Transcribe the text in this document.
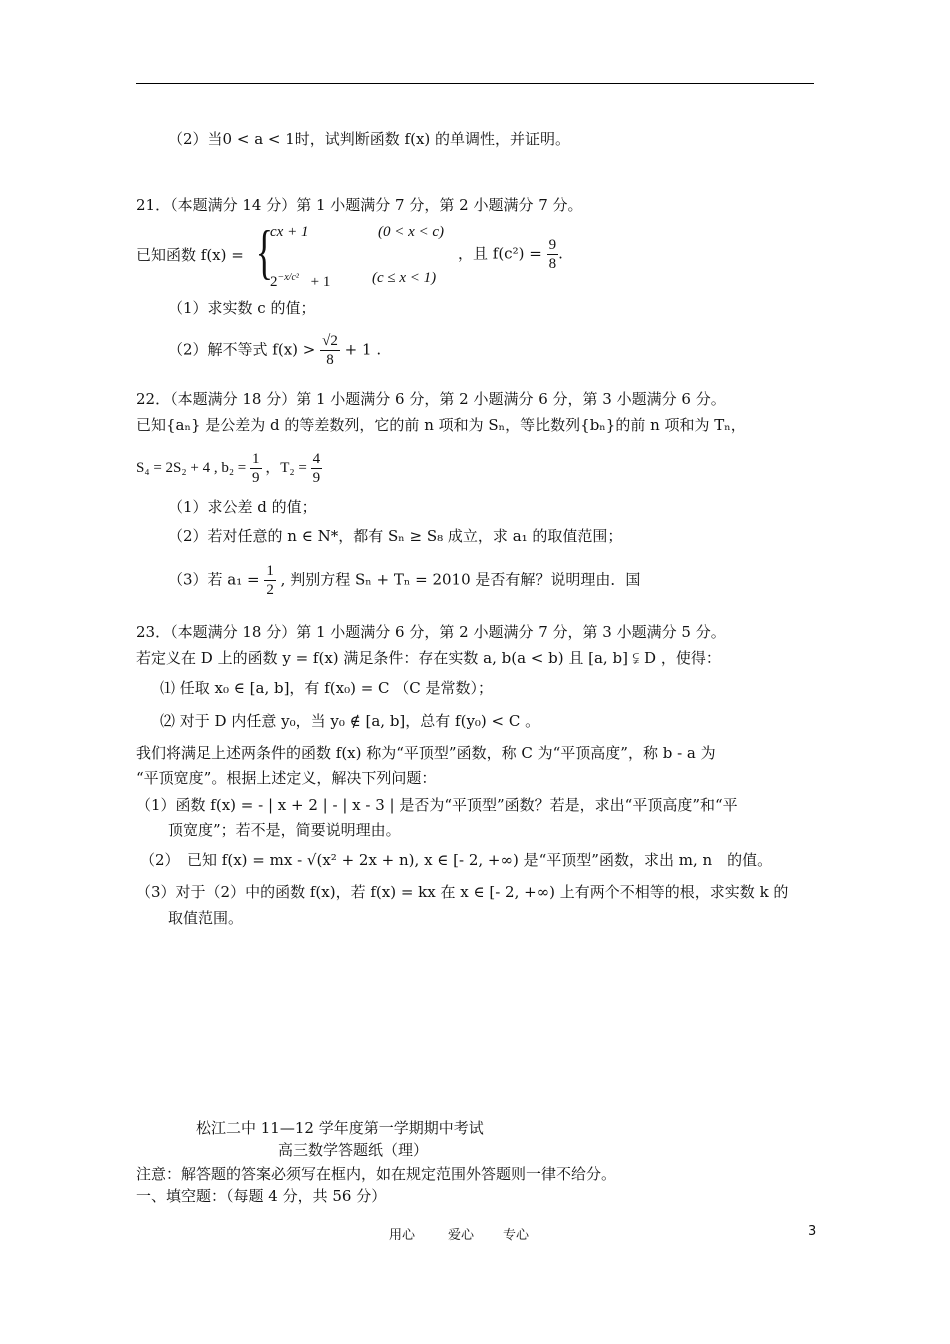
（2）当0 < a < 1时，试判断函数 f(x) 的单调性，并证明。
21．（本题满分 14 分）第 1 小题满分 7 分，第 2 小题满分 7 分。
已知函数 f(x) = {
cx + 1	(0 < x < c)
$2^{-x/c^2} + 1$	(c ≤ x < 1)
，且 $f(c^2) = \frac{9}{8}$ .
（1）求实数 c 的值；
（2）解不等式 $f(x) > \frac{√2}{8} + 1$ .
22．（本题满分 18 分）第 1 小题满分 6 分，第 2 小题满分 6 分，第 3 小题满分 6 分。
已知{aₙ} 是公差为 d 的等差数列，它的前 n 项和为 Sₙ，等比数列{bₙ}的前 n 项和为 Tₙ，
S₄ = 2S₂ + 4 , $b_2 = \frac{1}{9}$ ，$T_2 = \frac{4}{9}$
（1）求公差 d 的值；
（2）若对任意的 n ∈ N*，都有 Sₙ ≥ S₈ 成立，求 a₁ 的取值范围；
（3）若 $a_1 = \frac{1}{2}$ , 判别方程 Sₙ + Tₙ = 2010 是否有解？说明理由．国
23．（本题满分 18 分）第 1 小题满分 6 分，第 2 小题满分 7 分，第 3 小题满分 5 分。
若定义在 D 上的函数 y = f(x) 满足条件：存在实数 a, b(a < b) 且 [a, b] ⫋ D ，使得：
⑴ 任取 x₀ ∈ [a, b]，有 f(x₀) = C （C 是常数）；
⑵ 对于 D 内任意 y₀，当 y₀ ∉ [a, b]，总有 f(y₀) < C 。
我们将满足上述两条件的函数 f(x) 称为“平顶型”函数，称 C 为“平顶高度”，称 b - a 为
“平顶宽度”。根据上述定义，解决下列问题：
（1）函数 f(x) = - | x + 2 | - | x - 3 | 是否为“平顶型”函数？若是，求出“平顶高度”和“平
顶宽度”；若不是，简要说明理由。
（2）　已知 f(x) = mx - √(x² + 2x + n), x ∈ [- 2, +∞) 是“平顶型”函数，求出 m, n　的值。
（3）对于（2）中的函数 f(x)，若 f(x) = kx 在 x ∈ [- 2, +∞) 上有两个不相等的根，求实数 k 的
取值范围。
松江二中 11—12 学年度第一学期期中考试
高三数学答题纸（理）
注意：解答题的答案必须写在框内，如在规定范围外答题则一律不给分。
一、填空题：（每题 4 分，共 56 分）
用心	爱心 专心	3
